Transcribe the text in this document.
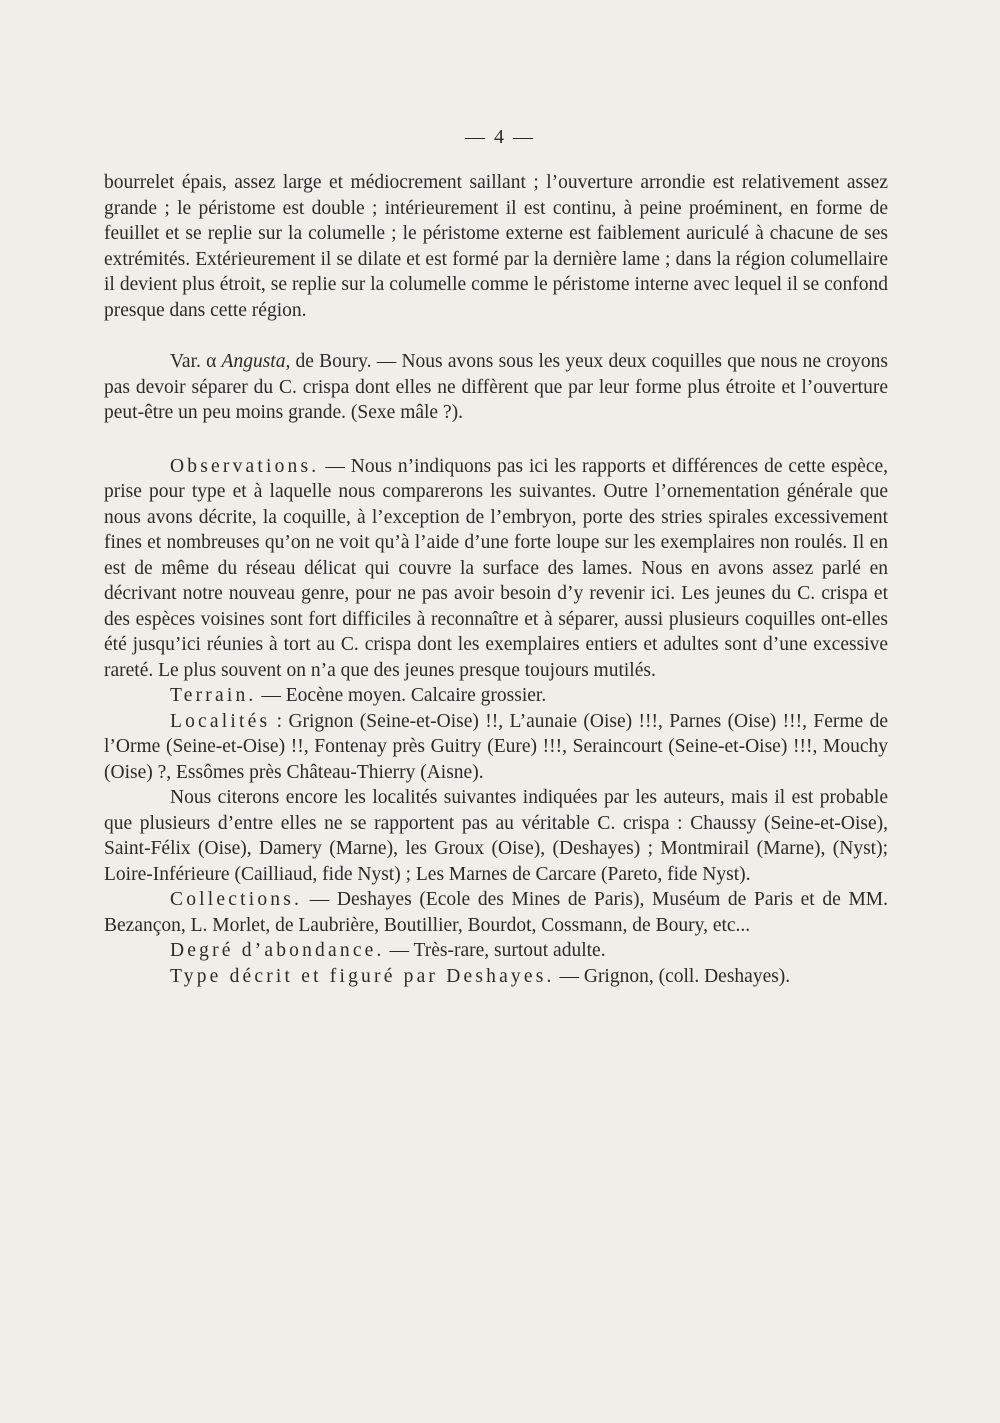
— 4 —

bourrelet épais, assez large et médiocrement saillant ; l’ouverture arrondie est relativement assez grande ; le péristome est double ; intérieurement il est continu, à peine proéminent, en forme de feuillet et se replie sur la columelle ; le péristome externe est faiblement auriculé à chacune de ses extrémités. Extérieurement il se dilate et est formé par la dernière lame ; dans la région columellaire il devient plus étroit, se replie sur la columelle comme le péristome interne avec lequel il se confond presque dans cette région.

Var. α Angusta, de Boury. — Nous avons sous les yeux deux coquilles que nous ne croyons pas devoir séparer du C. crispa dont elles ne diffèrent que par leur forme plus étroite et l’ouverture peut-être un peu moins grande. (Sexe mâle ?).

Observations. — Nous n’indiquons pas ici les rapports et différences de cette espèce, prise pour type et à laquelle nous comparerons les suivantes. Outre l’ornementation générale que nous avons décrite, la coquille, à l’exception de l’embryon, porte des stries spirales excessivement fines et nombreuses qu’on ne voit qu’à l’aide d’une forte loupe sur les exemplaires non roulés. Il en est de même du réseau délicat qui couvre la surface des lames. Nous en avons assez parlé en décrivant notre nouveau genre, pour ne pas avoir besoin d’y revenir ici. Les jeunes du C. crispa et des espèces voisines sont fort difficiles à reconnaître et à séparer, aussi plusieurs coquilles ont-elles été jusqu’ici réunies à tort au C. crispa dont les exemplaires entiers et adultes sont d’une excessive rareté. Le plus souvent on n’a que des jeunes presque toujours mutilés.

Terrain. — Eocène moyen. Calcaire grossier.

Localités : Grignon (Seine-et-Oise) !!, L’aunaie (Oise) !!!, Parnes (Oise) !!!, Ferme de l’Orme (Seine-et-Oise) !!, Fontenay près Guitry (Eure) !!!, Seraincourt (Seine-et-Oise) !!!, Mouchy (Oise) ?, Essômes près Château-Thierry (Aisne).

Nous citerons encore les localités suivantes indiquées par les auteurs, mais il est probable que plusieurs d’entre elles ne se rapportent pas au véritable C. crispa : Chaussy (Seine-et-Oise), Saint-Félix (Oise), Damery (Marne), les Groux (Oise), (Deshayes) ; Montmirail (Marne), (Nyst); Loire-Inférieure (Cailliaud, fide Nyst) ; Les Marnes de Carcare (Pareto, fide Nyst).

Collections. — Deshayes (Ecole des Mines de Paris), Muséum de Paris et de MM. Bezançon, L. Morlet, de Laubrière, Boutillier, Bourdot, Cossmann, de Boury, etc...

Degré d’abondance. — Très-rare, surtout adulte.

Type décrit et figuré par Deshayes. — Grignon, (coll. Deshayes).
